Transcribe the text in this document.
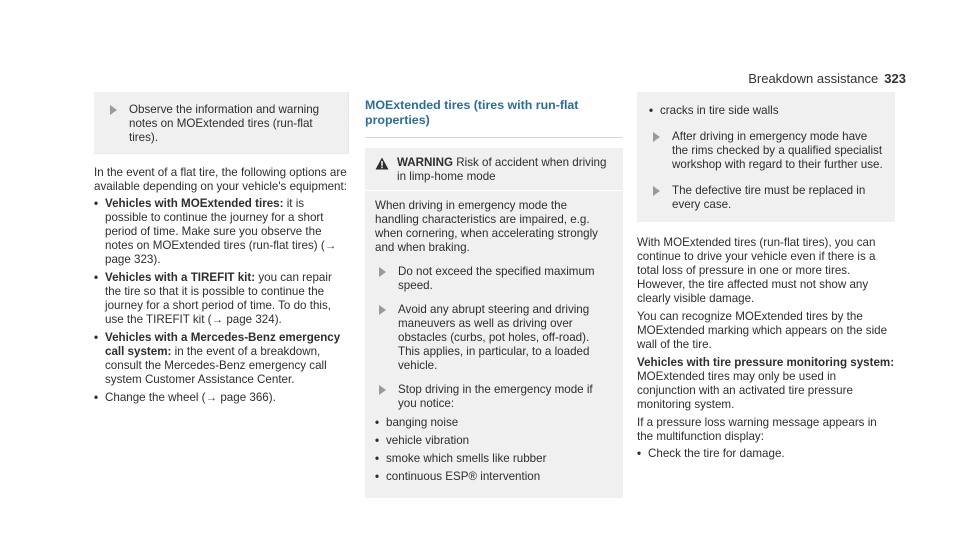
Breakdown assistance 323
Observe the information and warning notes on MOExtended tires (run-flat tires).

In the event of a flat tire, the following options are available depending on your vehicle's equipment:

• Vehicles with MOExtended tires: it is possible to continue the journey for a short period of time. Make sure you observe the notes on MOExtended tires (run-flat tires) (→ page 323).
• Vehicles with a TIREFIT kit: you can repair the tire so that it is possible to continue the journey for a short period of time. To do this, use the TIREFIT kit (→ page 324).
• Vehicles with a Mercedes-Benz emergency call system: in the event of a breakdown, consult the Mercedes-Benz emergency call system Customer Assistance Center.
• Change the wheel (→ page 366).
MOExtended tires (tires with run-flat properties)
WARNING Risk of accident when driving in limp-home mode

When driving in emergency mode the handling characteristics are impaired, e.g. when cornering, when accelerating strongly and when braking.

Do not exceed the specified maximum speed.
Avoid any abrupt steering and driving maneuvers as well as driving over obstacles (curbs, pot holes, off-road). This applies, in particular, to a loaded vehicle.
Stop driving in the emergency mode if you notice:
• banging noise
• vehicle vibration
• smoke which smells like rubber
• continuous ESP® intervention
• cracks in tire side walls
After driving in emergency mode have the rims checked by a qualified specialist workshop with regard to their further use.
The defective tire must be replaced in every case.

With MOExtended tires (run-flat tires), you can continue to drive your vehicle even if there is a total loss of pressure in one or more tires. However, the tire affected must not show any clearly visible damage.

You can recognize MOExtended tires by the MOExtended marking which appears on the side wall of the tire.

Vehicles with tire pressure monitoring system: MOExtended tires may only be used in conjunction with an activated tire pressure monitoring system.

If a pressure loss warning message appears in the multifunction display:

• Check the tire for damage.
